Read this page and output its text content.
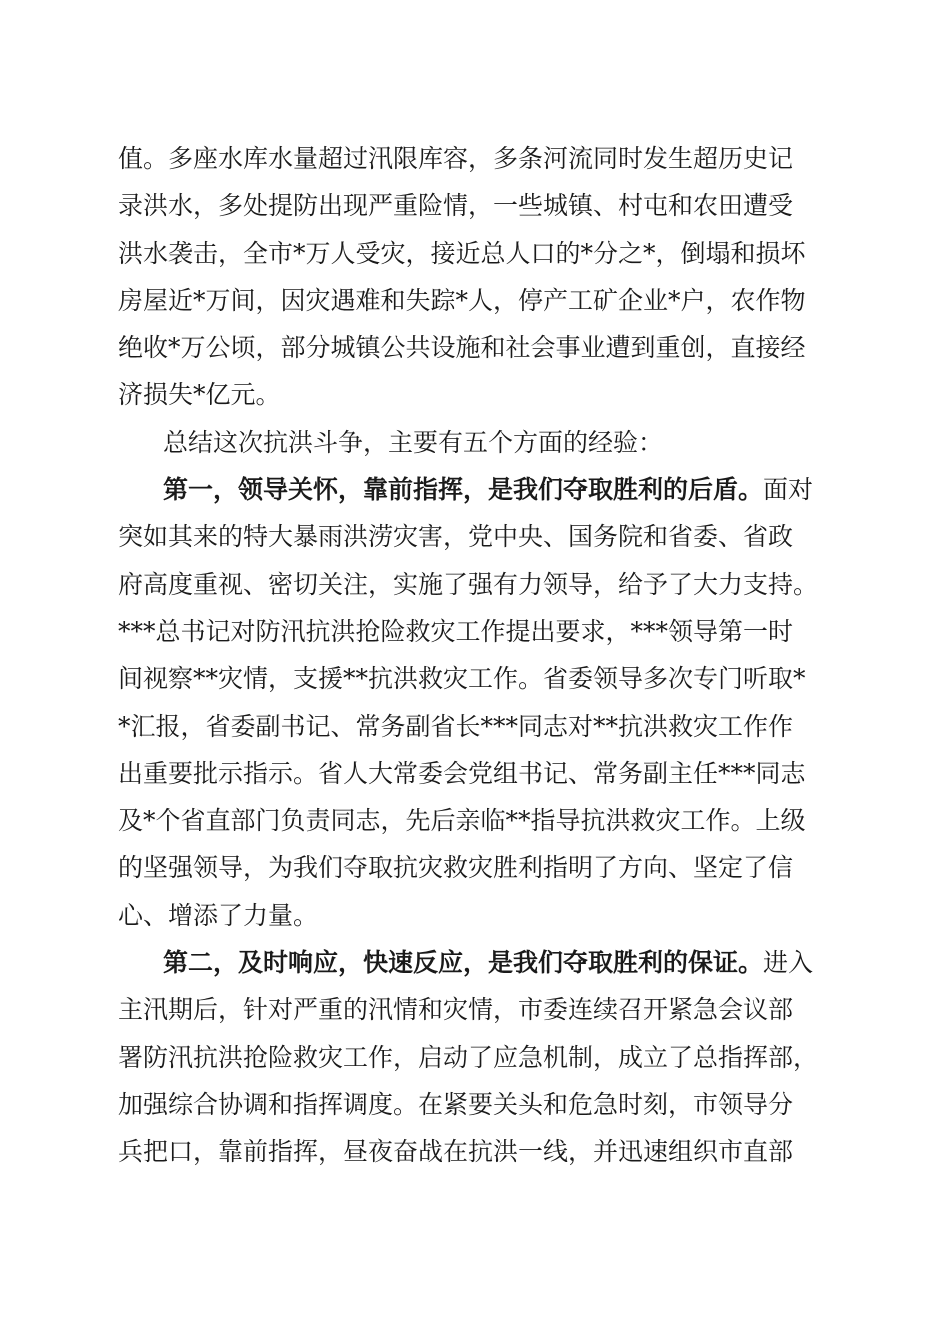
值。多座水库水量超过汛限库容，多条河流同时发生超历史记
录洪水，多处提防出现严重险情，一些城镇、村屯和农田遭受
洪水袭击，全市*万人受灾，接近总人口的*分之*，倒塌和损坏
房屋近*万间，因灾遇难和失踪*人，停产工矿企业*户，农作物
绝收*万公顷，部分城镇公共设施和社会事业遭到重创，直接经
济损失*亿元。
总结这次抗洪斗争，主要有五个方面的经验：
第一，领导关怀，靠前指挥，是我们夺取胜利的后盾。面对
突如其来的特大暴雨洪涝灾害，党中央、国务院和省委、省政
府高度重视、密切关注，实施了强有力领导，给予了大力支持。
***总书记对防汛抗洪抢险救灾工作提出要求，***领导第一时
间视察**灾情，支援**抗洪救灾工作。省委领导多次专门听取*
*汇报，省委副书记、常务副省长***同志对**抗洪救灾工作作
出重要批示指示。省人大常委会党组书记、常务副主任***同志
及*个省直部门负责同志，先后亲临**指导抗洪救灾工作。上级
的坚强领导，为我们夺取抗灾救灾胜利指明了方向、坚定了信
心、增添了力量。
第二，及时响应，快速反应，是我们夺取胜利的保证。进入
主汛期后，针对严重的汛情和灾情，市委连续召开紧急会议部
署防汛抗洪抢险救灾工作，启动了应急机制，成立了总指挥部，
加强综合协调和指挥调度。在紧要关头和危急时刻，市领导分
兵把口，靠前指挥，昼夜奋战在抗洪一线，并迅速组织市直部
